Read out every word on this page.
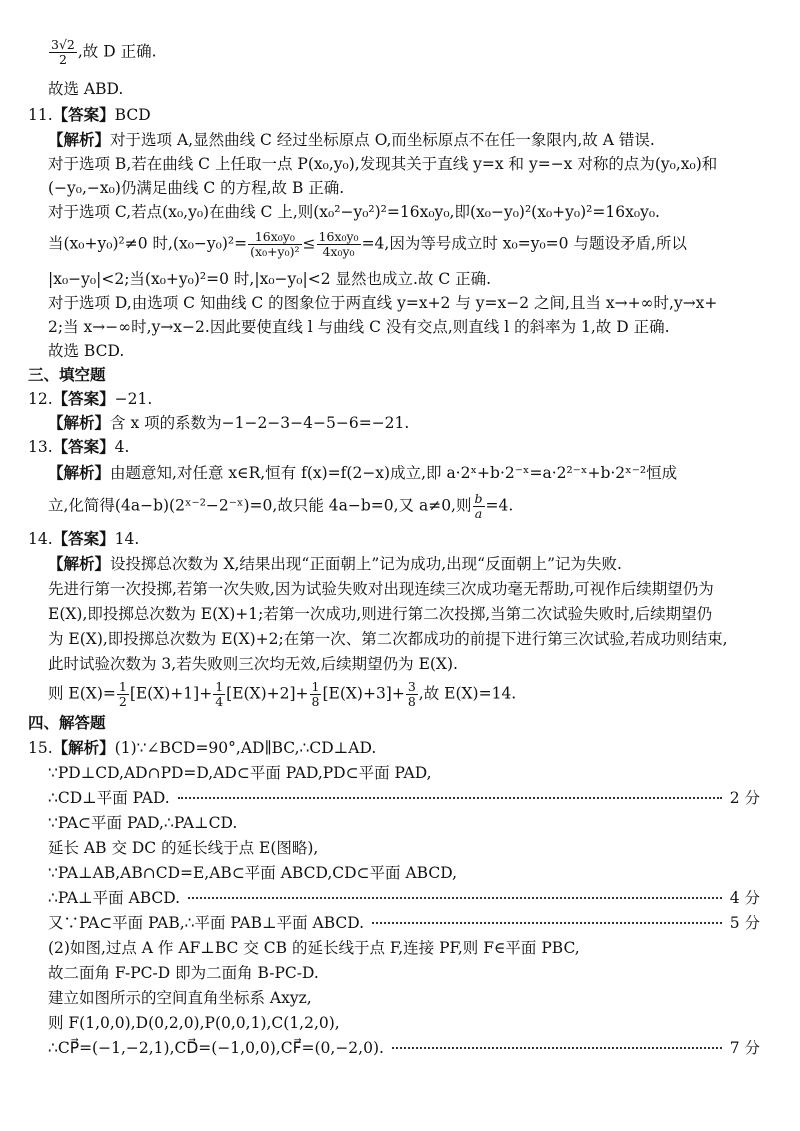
$\frac{3√2}{2}$ ,故 D 正确.
故选 ABD.
11.【答案】BCD
【解析】对于选项 A,显然曲线 C 经过坐标原点 O,而坐标原点不在任一象限内,故 A 错误.
对于选项 B,若在曲线 C 上任取一点 P(x₀,y₀),发现其关于直线 y=x 和 y=−x 对称的点为(y₀,x₀)和
(−y₀,−x₀)仍满足曲线 C 的方程,故 B 正确.
对于选项 C,若点(x₀,y₀)在曲线 C 上,则(x₀²−y₀²)²=16x₀y₀,即(x₀−y₀)²(x₀+y₀)²=16x₀y₀.
当(x₀+y₀)²≠0 时$,(x_0-y_0)^2= \frac{\text{16x₀y₀}}{\text{(x₀+y₀)²}} \le \frac{\text{16x₀y₀}}{\text{4x₀y₀}} =4$,因为等号成立时 x₀=y₀=0 与题设矛盾,所以
|x₀−y₀|<2;当(x₀+y₀)²=0 时,|x₀−y₀|<2 显然也成立.故 C 正确.
对于选项 D,由选项 C 知曲线 C 的图象位于两直线 y=x+2 与 y=x−2 之间,且当 x→+∞时,y→x+
2;当 x→−∞时,y→x−2.因此要使直线 l 与曲线 C 没有交点,则直线 l 的斜率为 1,故 D 正确.
故选 BCD.
三、填空题
12.【答案】−21.
【解析】含 x 项的系数为−1−2−3−4−5−6=−21.
13.【答案】4.
【解析】由题意知,对任意 x∈R,恒有 f(x)=f(2−x)成立,即 a·2ˣ+b·2⁻ˣ=a·2²⁻ˣ+b·2ˣ⁻²恒成
立,化简得(4a−b)(2ˣ⁻²−2⁻ˣ)=0,故只能 4a−b=0,又 a≠0,则 $\frac{b}{a} =4$.
14.【答案】14.
【解析】设投掷总次数为 X,结果出现“正面朝上”记为成功,出现“反面朝上”记为失败.
先进行第一次投掷,若第一次失败,因为试验失败对出现连续三次成功毫无帮助,可视作后续期望仍为
E(X),即投掷总次数为 E(X)+1;若第一次成功,则进行第二次投掷,当第二次试验失败时,后续期望仍
为 E(X),即投掷总次数为 E(X)+2;在第一次、第二次都成功的前提下进行第三次试验,若成功则结束,
此时试验次数为 3,若失败则三次均无效,后续期望仍为 E(X).
则 $E(X)= \frac{1}{2} [E(X)+1]+ \frac{1}{4} [E(X)+2]+ \frac{1}{8} [E(X)+3]+ \frac{3}{8}$ ,故 E(X)=14.
四、解答题
15.【解析】(1)∵∠BCD=90°,AD∥BC,∴CD⊥AD.
∵PD⊥CD,AD∩PD=D,AD⊂平面 PAD,PD⊂平面 PAD,
∴CD⊥平面 PAD.	2 分
∵PA⊂平面 PAD,∴PA⊥CD.
延长 AB 交 DC 的延长线于点 E(图略),
∵PA⊥AB,AB∩CD=E,AB⊂平面 ABCD,CD⊂平面 ABCD,
∴PA⊥平面 ABCD.	4 分
又∵PA⊂平面 PAB,∴平面 PAB⊥平面 ABCD.	5 分
(2)如图,过点 A 作 AF⊥BC 交 CB 的延长线于点 F,连接 PF,则 F∈平面 PBC,
故二面角 F-PC-D 即为二面角 B-PC-D.
建立如图所示的空间直角坐标系 Axyz,
则 F(1,0,0),D(0,2,0),P(0,0,1),C(1,2,0),
∴CP⃗=(−1,−2,1),CD⃗=(−1,0,0),CF⃗=(0,−2,0).	7 分
